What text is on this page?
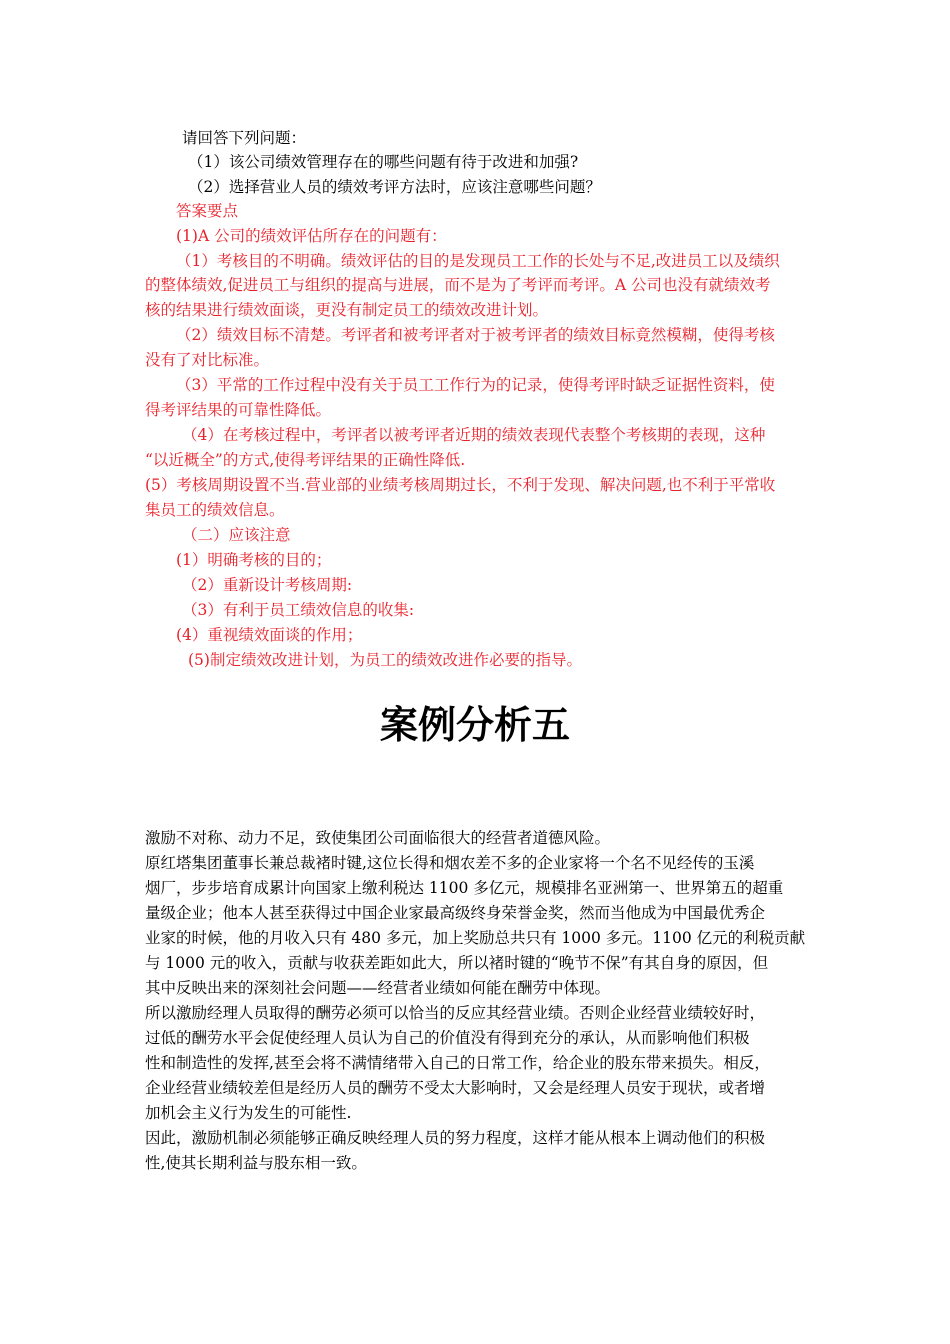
请回答下列问题：

（1）该公司绩效管理存在的哪些问题有待于改进和加强?

（2）选择营业人员的绩效考评方法时，应该注意哪些问题？

答案要点

(1)A 公司的绩效评估所存在的问题有：

（1）考核目的不明确。绩效评估的目的是发现员工工作的长处与不足,改进员工以及绩织

的整体绩效,促进员工与组织的提高与进展，而不是为了考评而考评。A 公司也没有就绩效考

核的结果进行绩效面谈，更没有制定员工的绩效改进计划。

（2）绩效目标不清楚。考评者和被考评者对于被考评者的绩效目标竟然模糊，使得考核

没有了对比标准。

（3）平常的工作过程中没有关于员工工作行为的记录，使得考评时缺乏证据性资料，使

得考评结果的可靠性降低。

（4）在考核过程中，考评者以被考评者近期的绩效表现代表整个考核期的表现，这种

“以近概全”的方式,使得考评结果的正确性降低.

(5）考核周期设置不当.营业部的业绩考核周期过长，不利于发现、解决问题,也不利于平常收

集员工的绩效信息。

（二）应该注意

(1）明确考核的目的；

（2）重新设计考核周期:

（3）有利于员工绩效信息的收集:

(4）重视绩效面谈的作用；

(5)制定绩效改进计划，为员工的绩效改进作必要的指导。

案例分析五

激励不对称、动力不足，致使集团公司面临很大的经营者道德风险。

原红塔集团董事长兼总裁褚时键,这位长得和烟农差不多的企业家将一个名不见经传的玉溪

烟厂，步步培育成累计向国家上缴利税达 1100 多亿元，规模排名亚洲第一、世界第五的超重

量级企业；他本人甚至获得过中国企业家最高级终身荣誉金奖，然而当他成为中国最优秀企

业家的时候，他的月收入只有 480 多元，加上奖励总共只有 1000 多元。1100 亿元的利税贡献

与 1000 元的收入，贡献与收获差距如此大，所以褚时键的“晚节不保”有其自身的原因，但

其中反映出来的深刻社会问题——经营者业绩如何能在酬劳中体现。

所以激励经理人员取得的酬劳必须可以恰当的反应其经营业绩。否则企业经营业绩较好时，

过低的酬劳水平会促使经理人员认为自己的价值没有得到充分的承认，从而影响他们积极

性和制造性的发挥,甚至会将不满情绪带入自己的日常工作，给企业的股东带来损失。相反，

企业经营业绩较差但是经历人员的酬劳不受太大影响时，又会是经理人员安于现状，或者增

加机会主义行为发生的可能性.

因此，激励机制必须能够正确反映经理人员的努力程度，这样才能从根本上调动他们的积极

性,使其长期利益与股东相一致。
